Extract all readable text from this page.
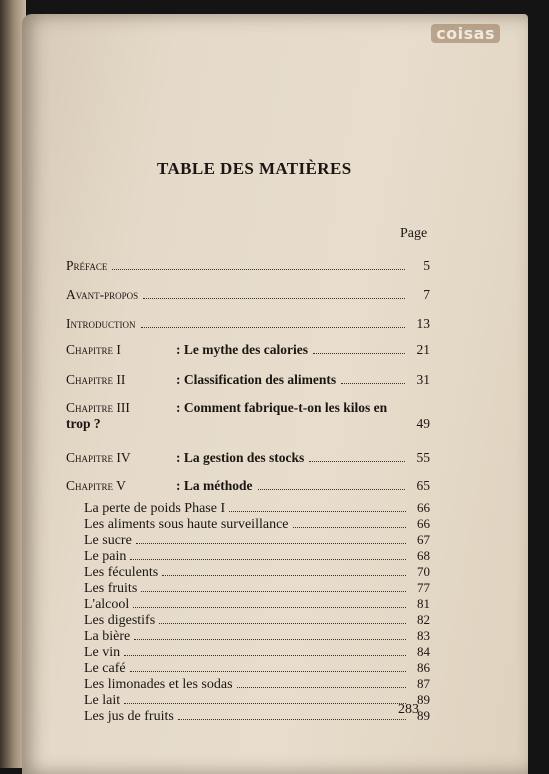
coisas
TABLE DES MATIÈRES
Page
Préface	5
Avant-propos	7
Introduction	13
Chapitre I	: Le mythe des calories	21
Chapitre II	: Classification des aliments	31
Chapitre III	: Comment fabrique-t-on les kilos en
trop ?	49
Chapitre IV	: La gestion des stocks	55
Chapitre V	: La méthode	65
La perte de poids Phase I	66
Les aliments sous haute surveillance	66
Le sucre	67
Le pain	68
Les féculents	70
Les fruits	77
L'alcool	81
Les digestifs	82
La bière	83
Le vin	84
Le café	86
Les limonades et les sodas	87
Le lait	89
Les jus de fruits	89
283
